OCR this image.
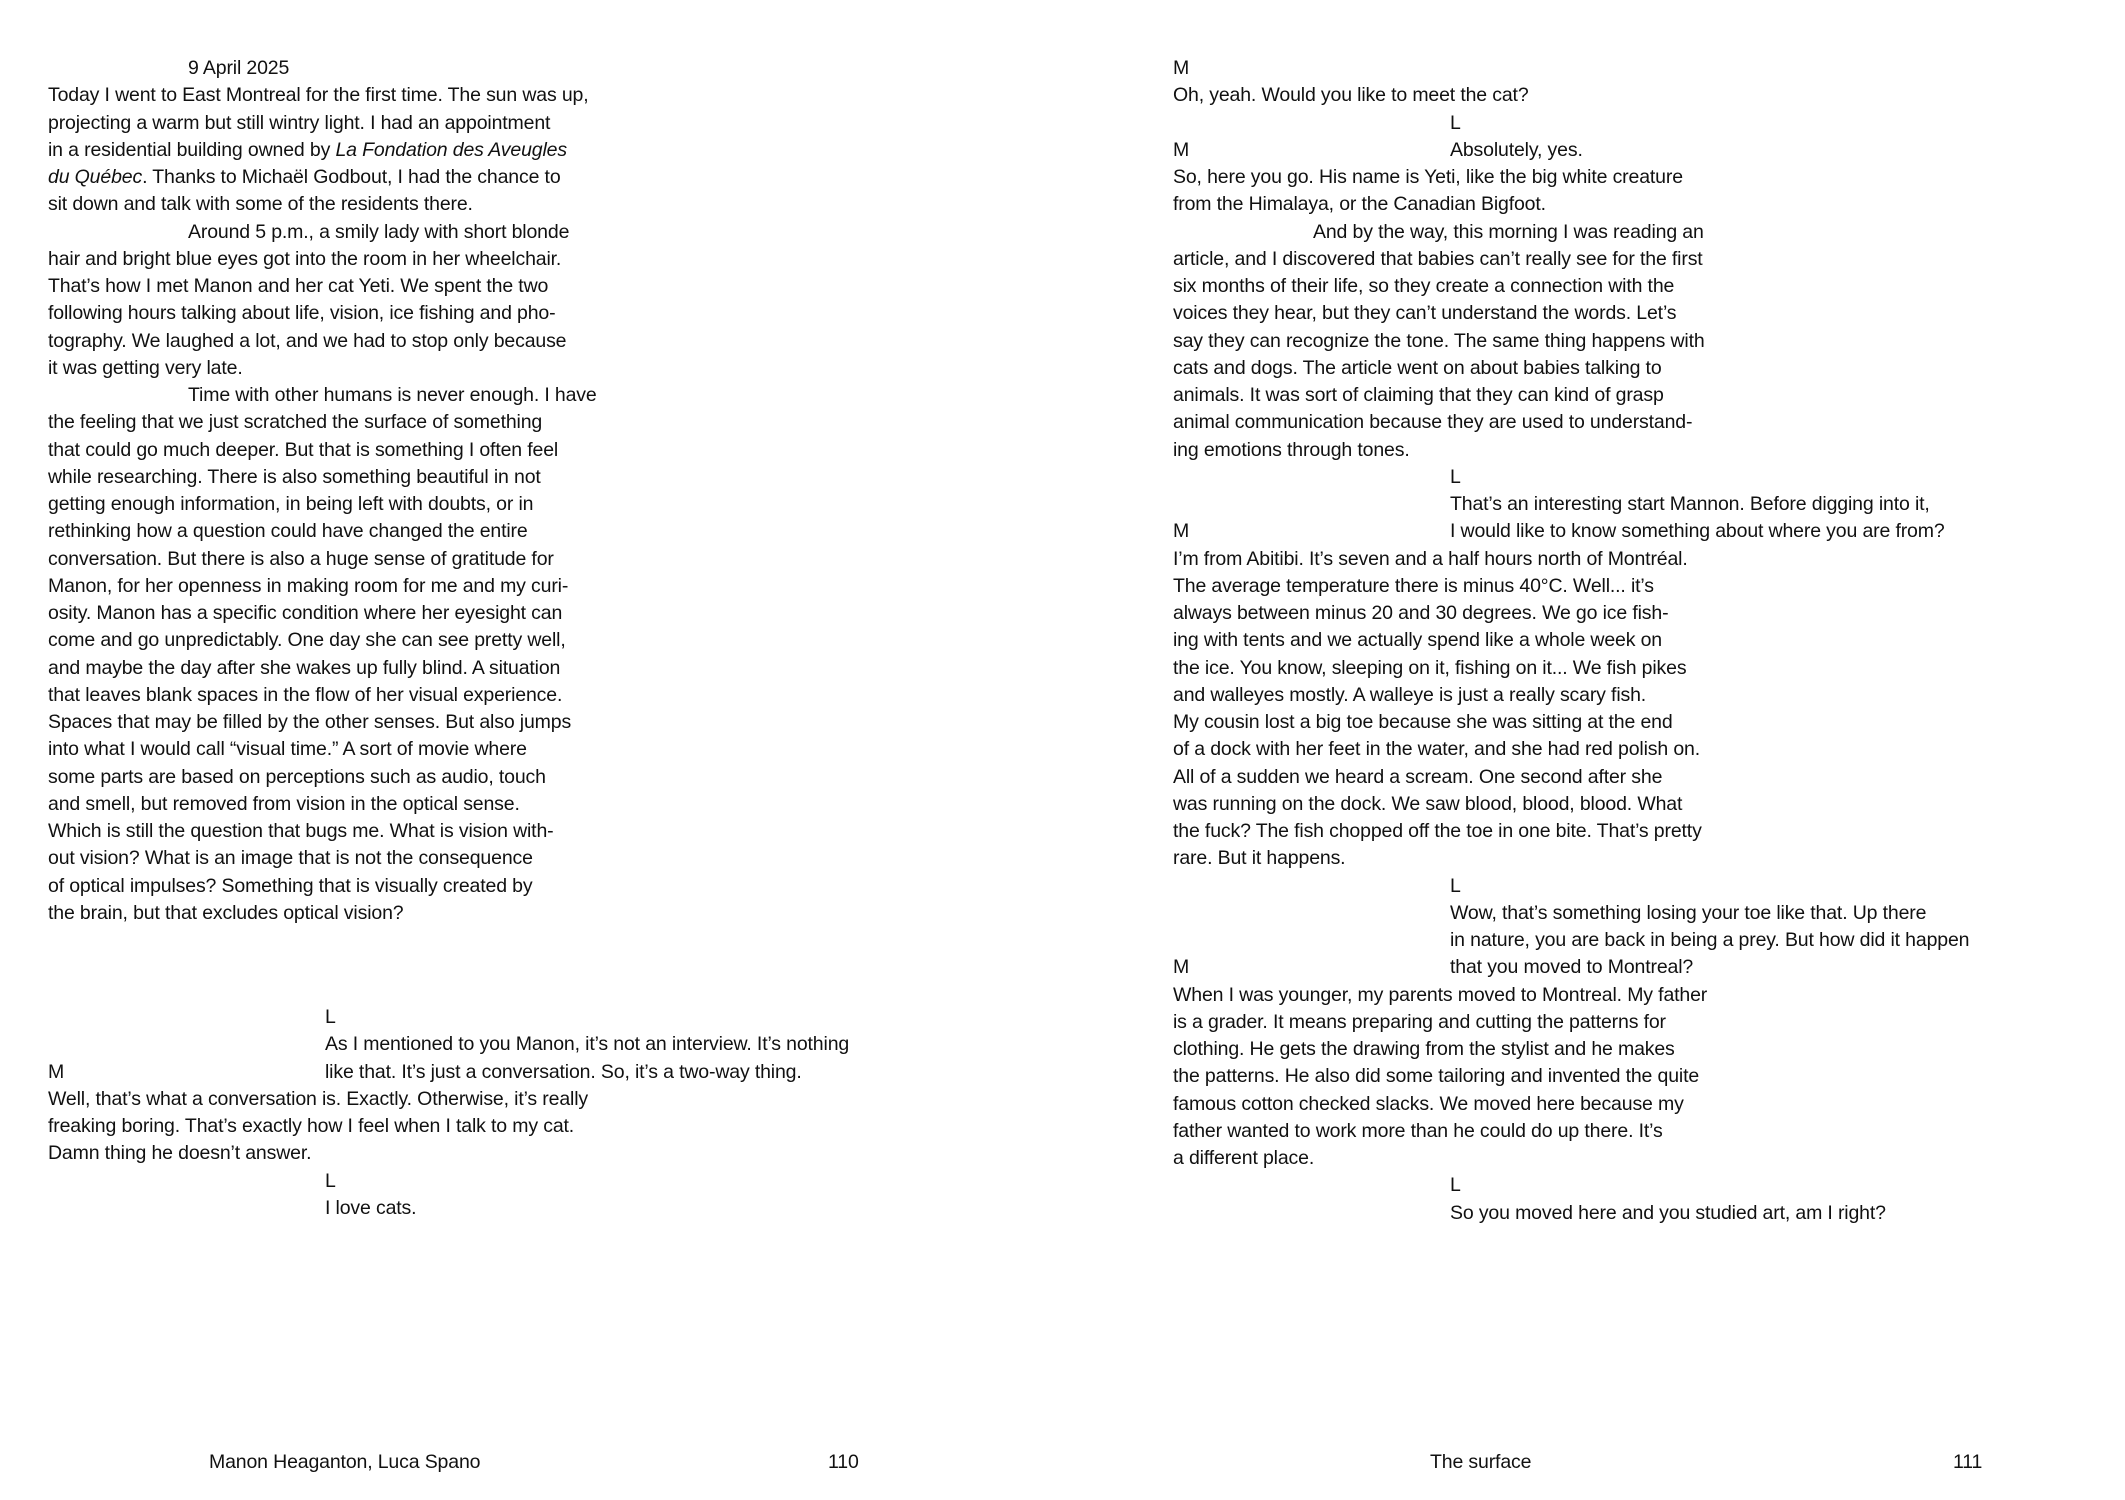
9 April 2025
Today I went to East Montreal for the first time. The sun was up,
projecting a warm but still wintry light. I had an appointment
in a residential building owned by La Fondation des Aveugles
du Québec. Thanks to Michaël Godbout, I had the chance to
sit down and talk with some of the residents there.
Around 5 p.m., a smily lady with short blonde
hair and bright blue eyes got into the room in her wheelchair.
That’s how I met Manon and her cat Yeti. We spent the two
following hours talking about life, vision, ice fishing and pho-
tography. We laughed a lot, and we had to stop only because
it was getting very late.
Time with other humans is never enough. I have
the feeling that we just scratched the surface of something
that could go much deeper. But that is something I often feel
while researching. There is also something beautiful in not
getting enough information, in being left with doubts, or in
rethinking how a question could have changed the entire
conversation. But there is also a huge sense of gratitude for
Manon, for her openness in making room for me and my curi-
osity. Manon has a specific condition where her eyesight can
come and go unpredictably. One day she can see pretty well,
and maybe the day after she wakes up fully blind. A situation
that leaves blank spaces in the flow of her visual experience.
Spaces that may be filled by the other senses. But also jumps
into what I would call “visual time.” A sort of movie where
some parts are based on perceptions such as audio, touch
and smell, but removed from vision in the optical sense.
Which is still the question that bugs me. What is vision with-
out vision? What is an image that is not the consequence
of optical impulses? Something that is visually created by
the brain, but that excludes optical vision?
L
As I mentioned to you Manon, it’s not an interview. It’s nothing
M	like that. It’s just a conversation. So, it’s a two-way thing.
Well, that’s what a conversation is. Exactly. Otherwise, it’s really
freaking boring. That’s exactly how I feel when I talk to my cat.
Damn thing he doesn’t answer.
L
I love cats.
M
Oh, yeah. Would you like to meet the cat?
L
M	Absolutely, yes.
So, here you go. His name is Yeti, like the big white creature
from the Himalaya, or the Canadian Bigfoot.
And by the way, this morning I was reading an
article, and I discovered that babies can’t really see for the first
six months of their life, so they create a connection with the
voices they hear, but they can’t understand the words. Let’s
say they can recognize the tone. The same thing happens with
cats and dogs. The article went on about babies talking to
animals. It was sort of claiming that they can kind of grasp
animal communication because they are used to understand-
ing emotions through tones.
L
That’s an interesting start Mannon. Before digging into it,
M	I would like to know something about where you are from?
I’m from Abitibi. It’s seven and a half hours north of Montréal.
The average temperature there is minus 40°C. Well... it’s
always between minus 20 and 30 degrees. We go ice fish-
ing with tents and we actually spend like a whole week on
the ice. You know, sleeping on it, fishing on it... We fish pikes
and walleyes mostly. A walleye is just a really scary fish.
My cousin lost a big toe because she was sitting at the end
of a dock with her feet in the water, and she had red polish on.
All of a sudden we heard a scream. One second after she
was running on the dock. We saw blood, blood, blood. What
the fuck? The fish chopped off the toe in one bite. That’s pretty
rare. But it happens.
L
Wow, that’s something losing your toe like that. Up there
in nature, you are back in being a prey. But how did it happen
M	that you moved to Montreal?
When I was younger, my parents moved to Montreal. My father
is a grader. It means preparing and cutting the patterns for
clothing. He gets the drawing from the stylist and he makes
the patterns. He also did some tailoring and invented the quite
famous cotton checked slacks. We moved here because my
father wanted to work more than he could do up there. It’s
a different place.
L
So you moved here and you studied art, am I right?
Manon Heaganton, Luca Spano	110	The surface	111
